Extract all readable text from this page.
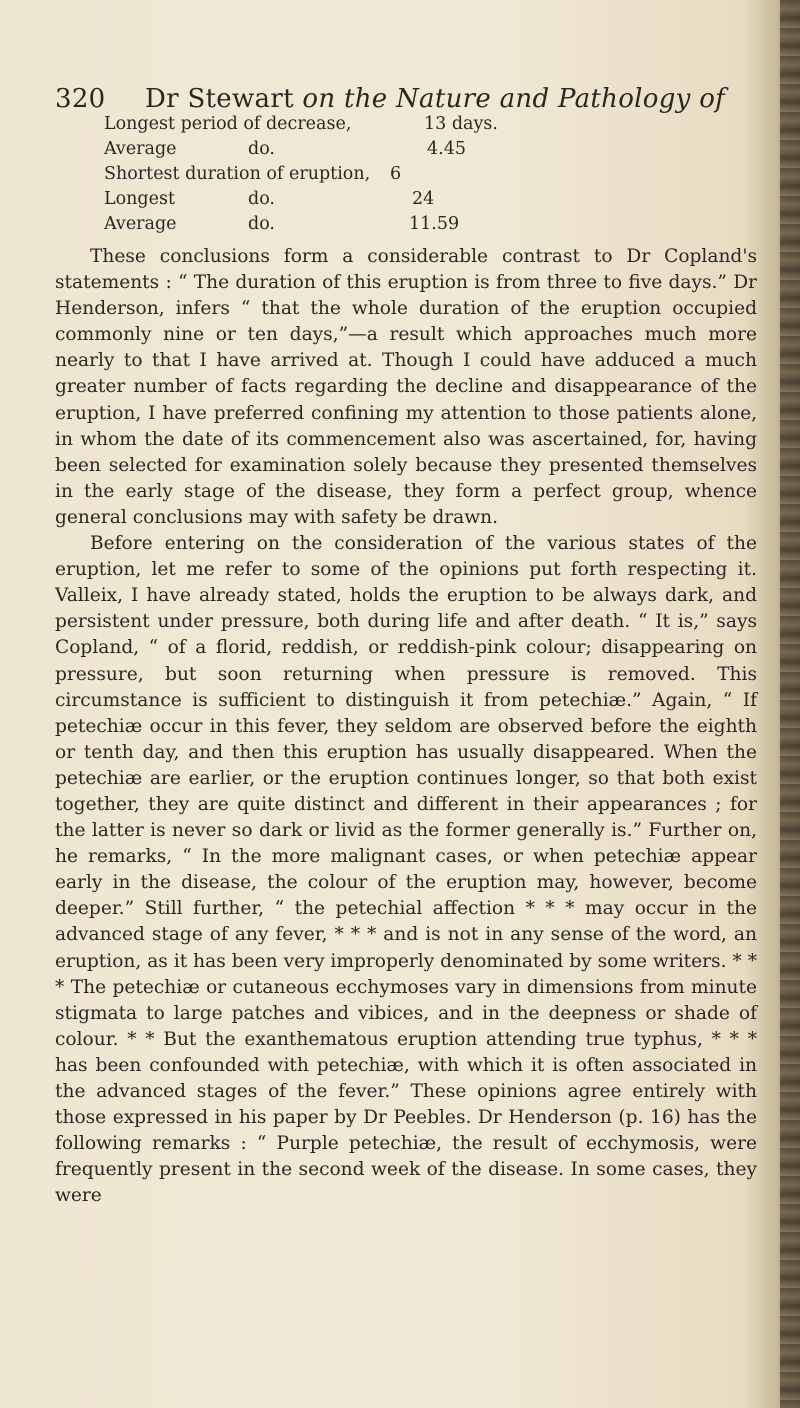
320 Dr Stewart on the Nature and Pathology of
Longest period of decrease,	13 days.
Average	do.	4.45
Shortest duration of eruption, 6
Longest	do.	24
Average	do.	11.59

These conclusions form a considerable contrast to Dr Copland's statements : “ The duration of this eruption is from three to five days.” Dr Henderson, infers “ that the whole duration of the eruption occupied commonly nine or ten days,”—a result which approaches much more nearly to that I have arrived at. Though I could have adduced a much greater number of facts regarding the decline and disappearance of the eruption, I have preferred confining my attention to those patients alone, in whom the date of its commencement also was ascertained, for, having been selected for examination solely because they presented themselves in the early stage of the disease, they form a perfect group, whence general conclusions may with safety be drawn.

Before entering on the consideration of the various states of the eruption, let me refer to some of the opinions put forth respecting it. Valleix, I have already stated, holds the eruption to be always dark, and persistent under pressure, both during life and after death. “ It is,” says Copland, “ of a florid, reddish, or reddish-pink colour; disappearing on pressure, but soon returning when pressure is removed. This circumstance is sufficient to distinguish it from petechiæ.” Again, “ If petechiæ occur in this fever, they seldom are observed before the eighth or tenth day, and then this eruption has usually disappeared. When the petechiæ are earlier, or the eruption continues longer, so that both exist together, they are quite distinct and different in their appearances ; for the latter is never so dark or livid as the former generally is.” Further on, he remarks, “ In the more malignant cases, or when petechiæ appear early in the disease, the colour of the eruption may, however, become deeper.” Still further, “ the petechial affection * * * may occur in the advanced stage of any fever, * * * and is not in any sense of the word, an eruption, as it has been very improperly denominated by some writers. * * * The petechiæ or cutaneous ecchymoses vary in dimensions from minute stigmata to large patches and vibices, and in the deepness or shade of colour. * * But the exanthematous eruption attending true typhus, * * * has been confounded with petechiæ, with which it is often associated in the advanced stages of the fever.” These opinions agree entirely with those expressed in his paper by Dr Peebles. Dr Henderson (p. 16) has the following remarks : “ Purple petechiæ, the result of ecchymosis, were frequently present in the second week of the disease. In some cases, they were
